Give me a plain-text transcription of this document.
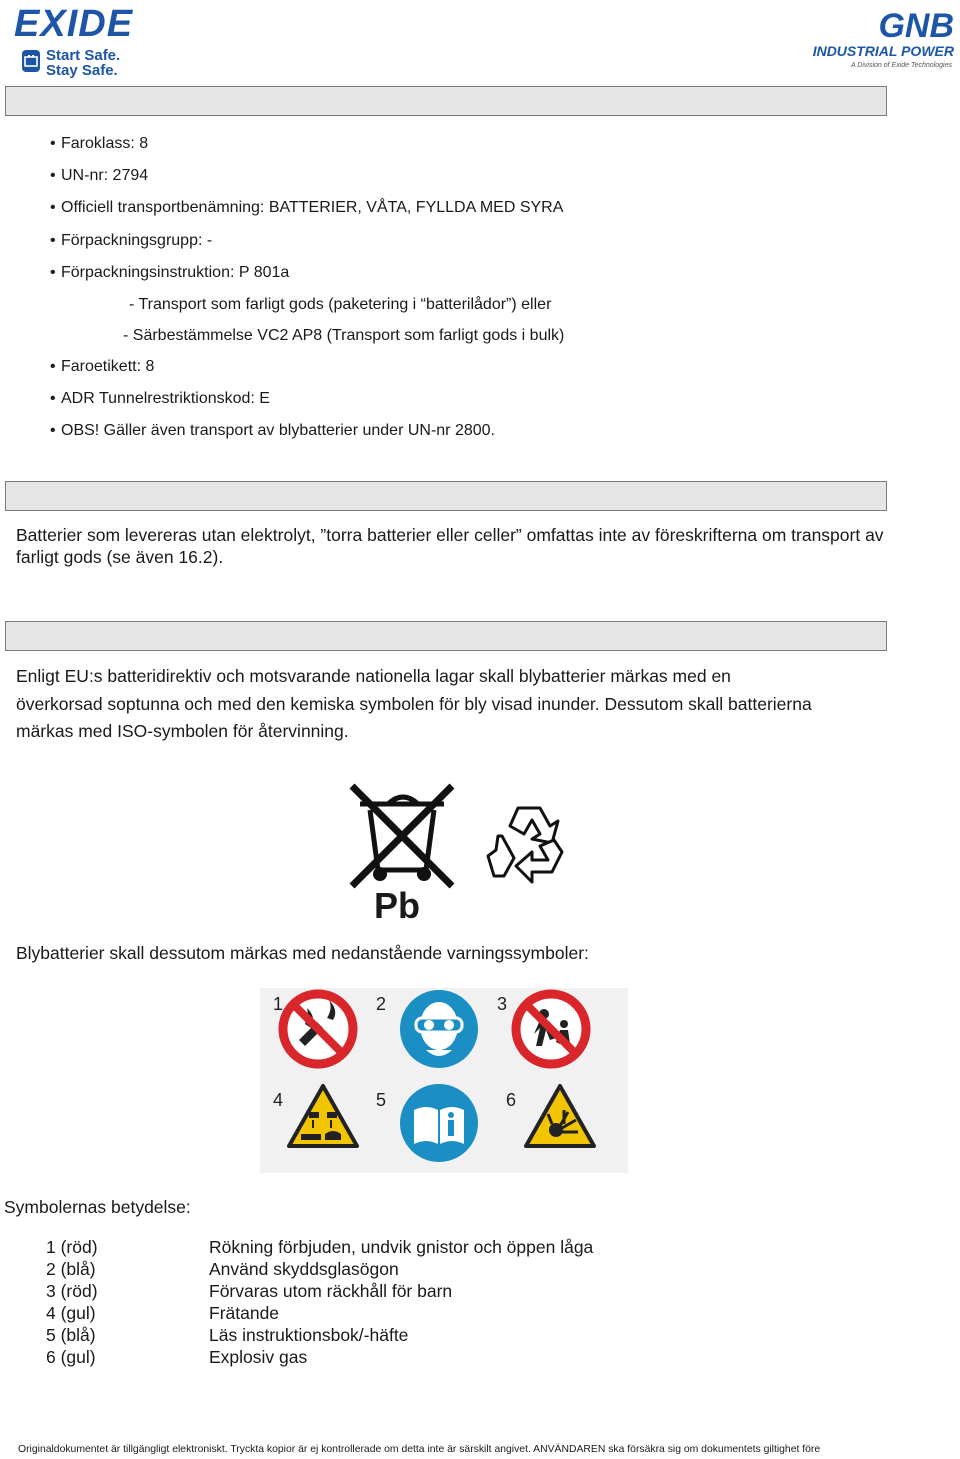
EXIDE
Start Safe.
Stay Safe.
GNB
INDUSTRIAL POWER
A Division of Exide Technologies
• Faroklass: 8
• UN-nr: 2794
• Officiell transportbenämning: BATTERIER, VÅTA, FYLLDA MED SYRA
• Förpackningsgrupp: -
• Förpackningsinstruktion: P 801a
- Transport som farligt gods (paketering i “batterilådor”) eller
- Särbestämmelse VC2 AP8 (Transport som farligt gods i bulk)
• Faroetikett: 8
• ADR Tunnelrestriktionskod: E
• OBS! Gäller även transport av blybatterier under UN-nr 2800.
Batterier som levereras utan elektrolyt, ”torra batterier eller celler” omfattas inte av föreskrifterna om transport av farligt gods (se även 16.2).
Enligt EU:s batteridirektiv och motsvarande nationella lagar skall blybatterier märkas med en överkorsad soptunna och med den kemiska symbolen för bly visad inunder. Dessutom skall batterierna märkas med ISO-symbolen för återvinning.
Pb
Blybatterier skall dessutom märkas med nedanstående varningssymboler:
1	2	3
4	5	6
Symbolernas betydelse:
1 (röd)	Rökning förbjuden, undvik gnistor och öppen låga
2 (blå)	Använd skyddsglasögon
3 (röd)	Förvaras utom räckhåll för barn
4 (gul)	Frätande
5 (blå)	Läs instruktionsbok/-häfte
6 (gul)	Explosiv gas
Originaldokumentet är tillgängligt elektroniskt. Tryckta kopior är ej kontrollerade om detta inte är särskilt angivet. ANVÄNDAREN ska försäkra sig om dokumentets giltighet före
